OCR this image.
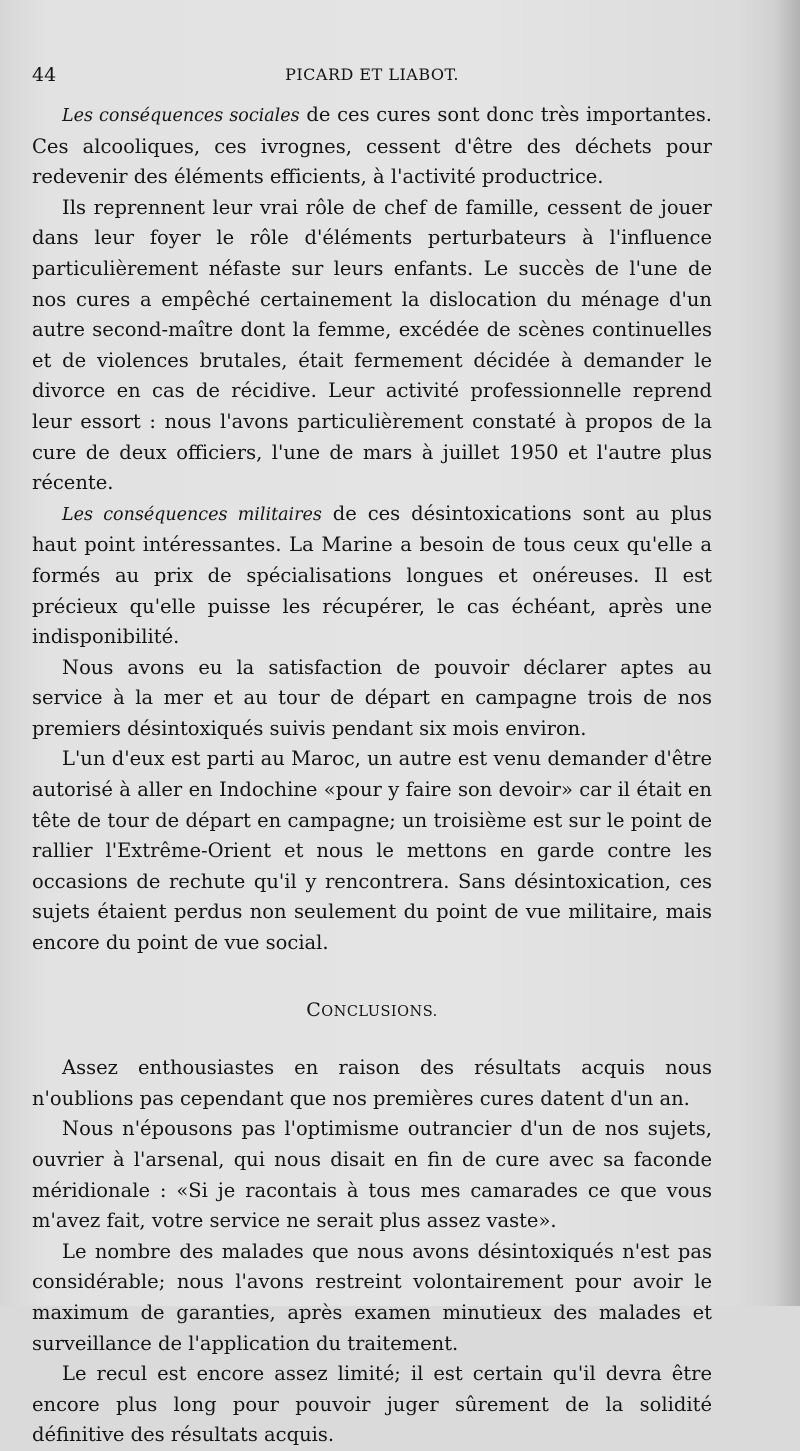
44	PICARD ET LIABOT.

Les conséquences sociales de ces cures sont donc très importantes. Ces alcooliques, ces ivrognes, cessent d'être des déchets pour redevenir des éléments efficients, à l'activité productrice.

Ils reprennent leur vrai rôle de chef de famille, cessent de jouer dans leur foyer le rôle d'éléments perturbateurs à l'influence particulièrement néfaste sur leurs enfants. Le succès de l'une de nos cures a empêché certainement la dislocation du ménage d'un autre second-maître dont la femme, excédée de scènes continuelles et de violences brutales, était fermement décidée à demander le divorce en cas de récidive. Leur activité professionnelle reprend leur essort : nous l'avons particulièrement constaté à propos de la cure de deux officiers, l'une de mars à juillet 1950 et l'autre plus récente.

Les conséquences militaires de ces désintoxications sont au plus haut point intéressantes. La Marine a besoin de tous ceux qu'elle a formés au prix de spécialisations longues et onéreuses. Il est précieux qu'elle puisse les récupérer, le cas échéant, après une indisponibilité.

Nous avons eu la satisfaction de pouvoir déclarer aptes au service à la mer et au tour de départ en campagne trois de nos premiers désintoxiqués suivis pendant six mois environ.

L'un d'eux est parti au Maroc, un autre est venu demander d'être autorisé à aller en Indochine «pour y faire son devoir» car il était en tête de tour de départ en campagne; un troisième est sur le point de rallier l'Extrême-Orient et nous le mettons en garde contre les occasions de rechute qu'il y rencontrera. Sans désintoxication, ces sujets étaient perdus non seulement du point de vue militaire, mais encore du point de vue social.

CONCLUSIONS.

Assez enthousiastes en raison des résultats acquis nous n'oublions pas cependant que nos premières cures datent d'un an.

Nous n'épousons pas l'optimisme outrancier d'un de nos sujets, ouvrier à l'arsenal, qui nous disait en fin de cure avec sa faconde méridionale : «Si je racontais à tous mes camarades ce que vous m'avez fait, votre service ne serait plus assez vaste».

Le nombre des malades que nous avons désintoxiqués n'est pas considérable; nous l'avons restreint volontairement pour avoir le maximum de garanties, après examen minutieux des malades et surveillance de l'application du traitement.

Le recul est encore assez limité; il est certain qu'il devra être encore plus long pour pouvoir juger sûrement de la solidité définitive des résultats acquis.
